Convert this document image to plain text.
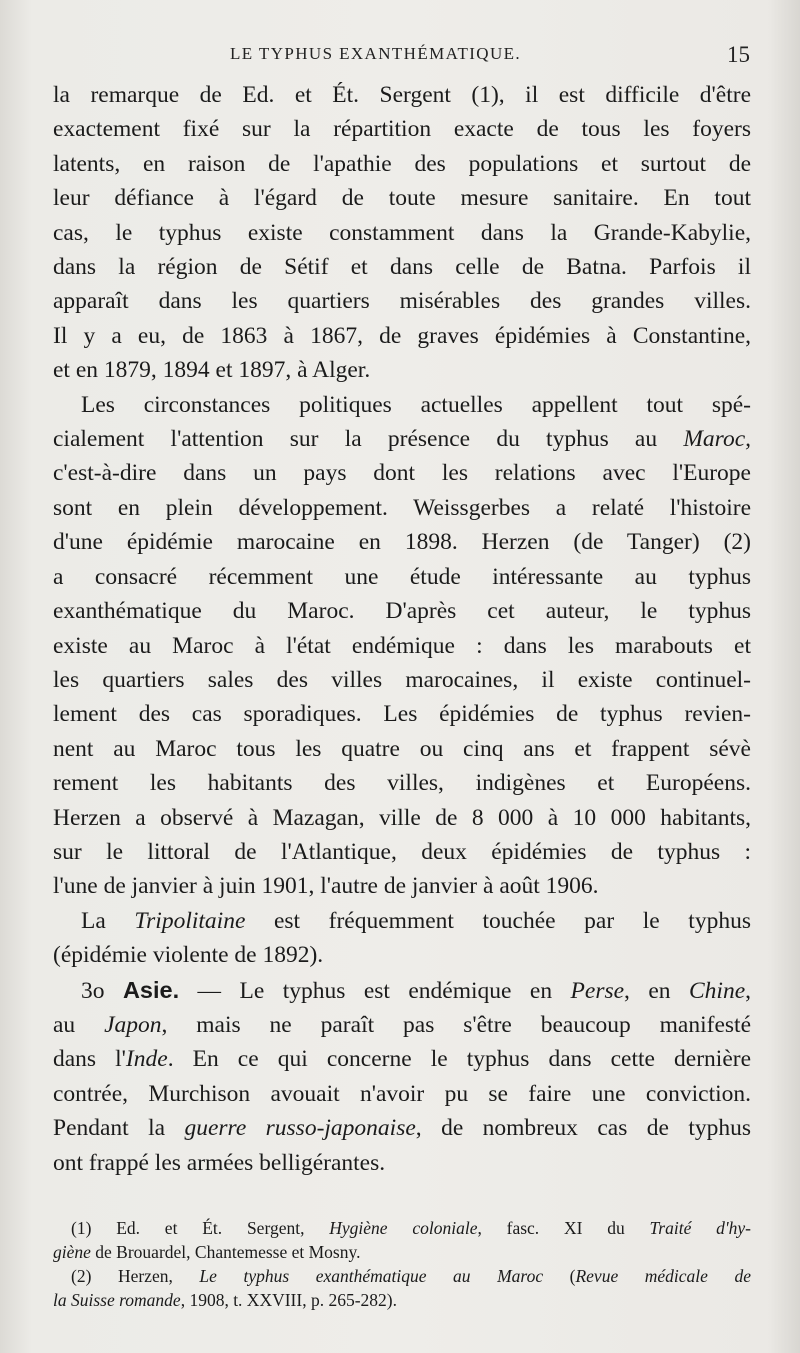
LE TYPHUS EXANTHÉMATIQUE.	15

la remarque de Ed. et Ét. Sergent (1), il est difficile d'être
exactement fixé sur la répartition exacte de tous les foyers
latents, en raison de l'apathie des populations et surtout de
leur défiance à l'égard de toute mesure sanitaire. En tout
cas, le typhus existe constamment dans la Grande-Kabylie,
dans la région de Sétif et dans celle de Batna. Parfois il
apparaît dans les quartiers misérables des grandes villes.
Il y a eu, de 1863 à 1867, de graves épidémies à Constantine,
et en 1879, 1894 et 1897, à Alger.

Les circonstances politiques actuelles appellent tout spé-
cialement l'attention sur la présence du typhus au Maroc,
c'est-à-dire dans un pays dont les relations avec l'Europe
sont en plein développement. Weissgerbes a relaté l'histoire
d'une épidémie marocaine en 1898. Herzen (de Tanger) (2)
a consacré récemment une étude intéressante au typhus
exanthématique du Maroc. D'après cet auteur, le typhus
existe au Maroc à l'état endémique : dans les marabouts et
les quartiers sales des villes marocaines, il existe continuel-
lement des cas sporadiques. Les épidémies de typhus revien-
nent au Maroc tous les quatre ou cinq ans et frappent sévè
rement les habitants des villes, indigènes et Européens.
Herzen a observé à Mazagan, ville de 8 000 à 10 000 habitants,
sur le littoral de l'Atlantique, deux épidémies de typhus :
l'une de janvier à juin 1901, l'autre de janvier à août 1906.

La Tripolitaine est fréquemment touchée par le typhus
(épidémie violente de 1892).

3o Asie. — Le typhus est endémique en Perse, en Chine,
au Japon, mais ne paraît pas s'être beaucoup manifesté
dans l'Inde. En ce qui concerne le typhus dans cette dernière
contrée, Murchison avouait n'avoir pu se faire une conviction.
Pendant la guerre russo-japonaise, de nombreux cas de typhus
ont frappé les armées belligérantes.

(1) Ed. et Ét. Sergent, Hygiène coloniale, fasc. XI du Traité d'hy-
giène de Brouardel, Chantemesse et Mosny.
(2) Herzen, Le typhus exanthématique au Maroc (Revue médicale de
la Suisse romande, 1908, t. XXVIII, p. 265-282).
